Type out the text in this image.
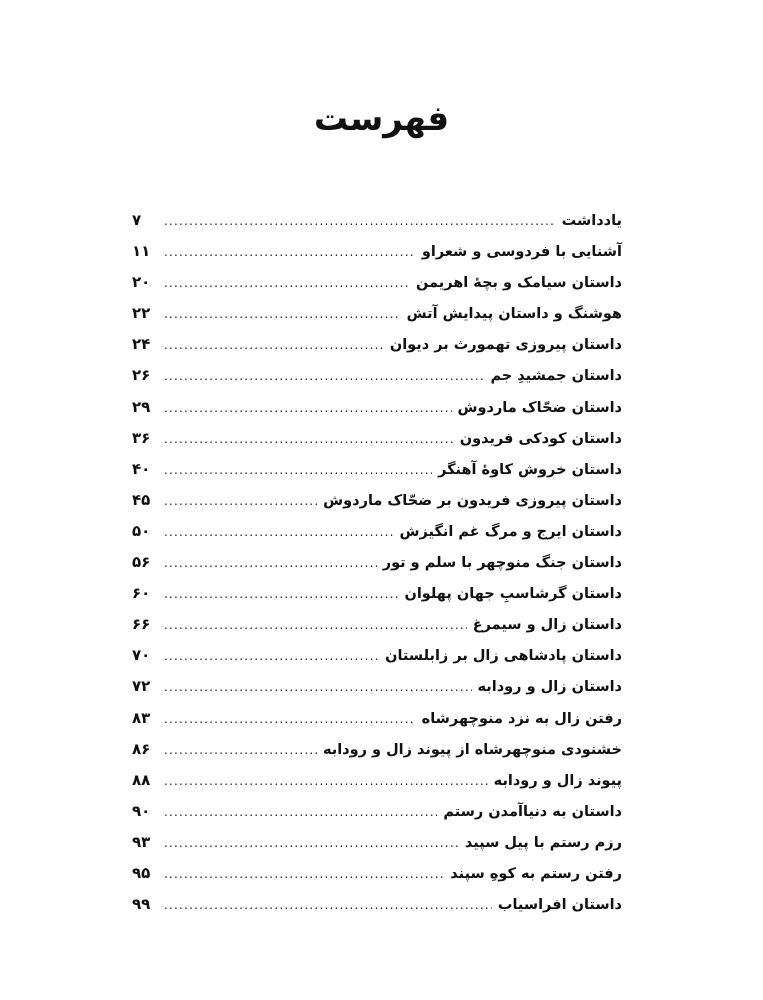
فهرست
یادداشت
.....
۷
آشنایی با فردوسی و شعراو
.....
۱۱
داستان سیامک و بچهٔ اهریمن
.....
۲۰
هوشنگ و داستان پیدایش آتش
.....
۲۲
داستان پیروزی تهمورث بر دیوان
.....
۲۴
داستان جمشیدِ جم
.....
۲۶
داستان ضحّاک ماردوش
.....
۲۹
داستان کودکی فریدون
.....
۳۶
داستان خروش کاوهٔ آهنگر
.....
۴۰
داستان پیروزی فریدون بر ضحّاک ماردوش
.....
۴۵
داستان ایرج و مرگ غم انگیزش
.....
۵۰
داستان جنگ منوچهر با سلم و تور
.....
۵۶
داستان گرشاسبِ جهان پهلوان
.....
۶۰
داستان زال و سیمرغ
.....
۶۶
داستان پادشاهی زال بر زابلستان
.....
۷۰
داستان زال و رودابه
.....
۷۲
رفتن زال به نزد منوچهرشاه
.....
۸۳
خشنودی منوچهرشاه از پیوند زال و رودابه
.....
۸۶
پیوند زال و رودابه
.....
۸۸
داستان به دنیاآمدن رستم
.....
۹۰
رزم رستم با پیل سپید
.....
۹۳
رفتن رستم به کوهِ سپند
.....
۹۵
داستان افراسیاب
.....
۹۹
